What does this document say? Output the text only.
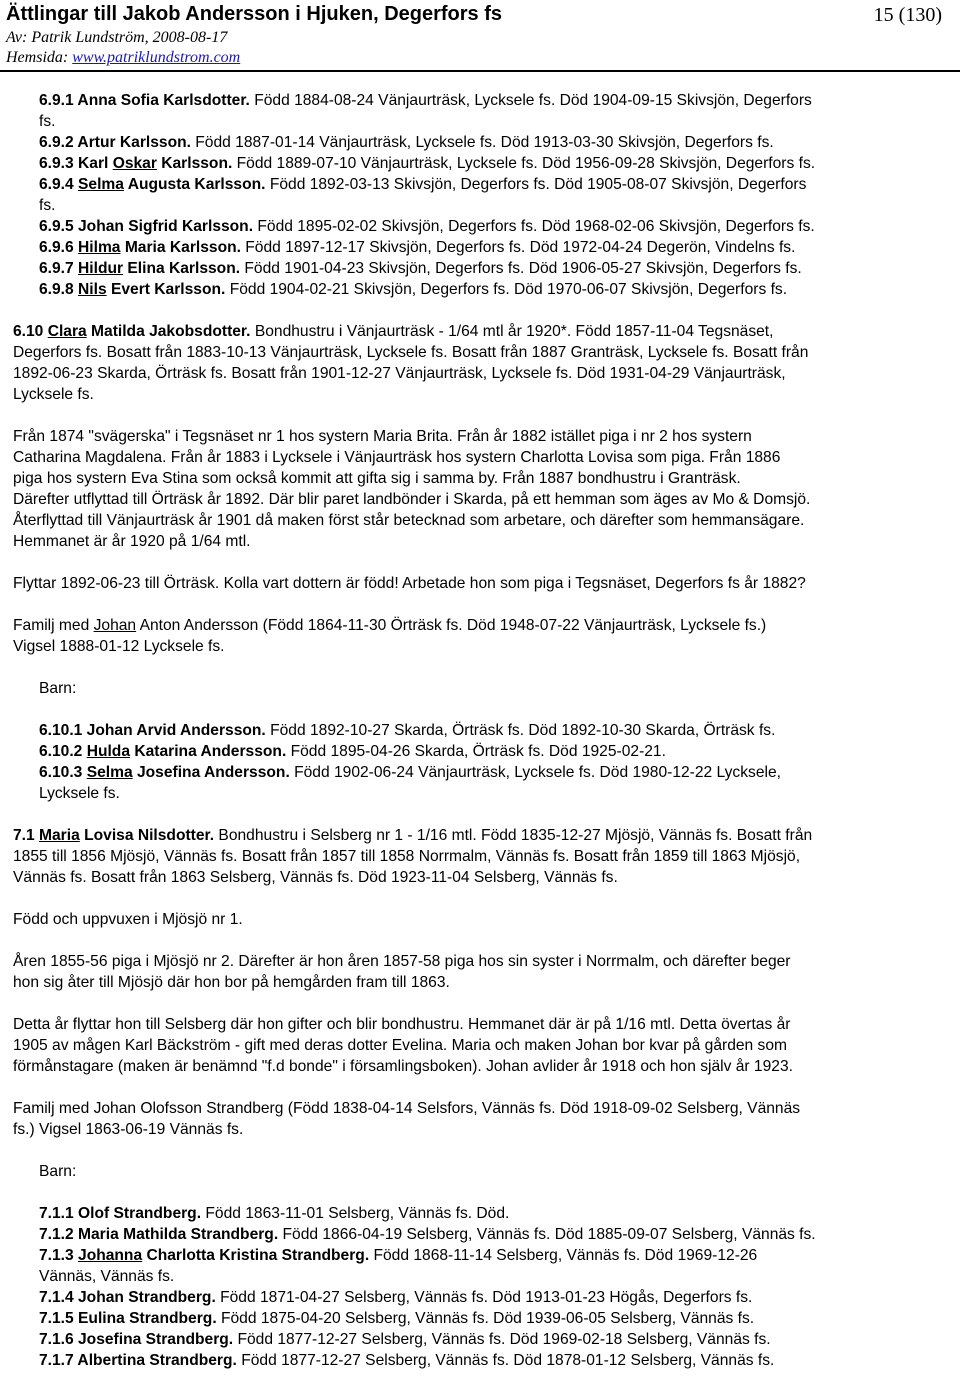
Ättlingar till Jakob Andersson i Hjuken, Degerfors fs	15 (130)
Av: Patrik Lundström, 2008-08-17
Hemsida: www.patriklundstrom.com
6.9.1 Anna Sofia Karlsdotter. Född 1884-08-24 Vänjaurträsk, Lycksele fs. Död 1904-09-15 Skivsjön, Degerfors
fs.
6.9.2 Artur Karlsson. Född 1887-01-14 Vänjaurträsk, Lycksele fs. Död 1913-03-30 Skivsjön, Degerfors fs.
6.9.3 Karl Oskar Karlsson. Född 1889-07-10 Vänjaurträsk, Lycksele fs. Död 1956-09-28 Skivsjön, Degerfors fs.
6.9.4 Selma Augusta Karlsson. Född 1892-03-13 Skivsjön, Degerfors fs. Död 1905-08-07 Skivsjön, Degerfors
fs.
6.9.5 Johan Sigfrid Karlsson. Född 1895-02-02 Skivsjön, Degerfors fs. Död 1968-02-06 Skivsjön, Degerfors fs.
6.9.6 Hilma Maria Karlsson. Född 1897-12-17 Skivsjön, Degerfors fs. Död 1972-04-24 Degerön, Vindelns fs.
6.9.7 Hildur Elina Karlsson. Född 1901-04-23 Skivsjön, Degerfors fs. Död 1906-05-27 Skivsjön, Degerfors fs.
6.9.8 Nils Evert Karlsson. Född 1904-02-21 Skivsjön, Degerfors fs. Död 1970-06-07 Skivsjön, Degerfors fs.
6.10 Clara Matilda Jakobsdotter. Bondhustru i Vänjaurträsk - 1/64 mtl år 1920*. Född 1857-11-04 Tegsnäset,
Degerfors fs. Bosatt från 1883-10-13 Vänjaurträsk, Lycksele fs. Bosatt från 1887 Granträsk, Lycksele fs. Bosatt från
1892-06-23 Skarda, Örträsk fs. Bosatt från 1901-12-27 Vänjaurträsk, Lycksele fs. Död 1931-04-29 Vänjaurträsk,
Lycksele fs.
Från 1874 "svägerska" i Tegsnäset nr 1 hos systern Maria Brita. Från år 1882 istället piga i nr 2 hos systern
Catharina Magdalena. Från år 1883 i Lycksele i Vänjaurträsk hos systern Charlotta Lovisa som piga. Från 1886
piga hos systern Eva Stina som också kommit att gifta sig i samma by. Från 1887 bondhustru i Granträsk.
Därefter utflyttad till Örträsk år 1892. Där blir paret landbönder i Skarda, på ett hemman som äges av Mo & Domsjö.
Återflyttad till Vänjaurträsk år 1901 då maken först står betecknad som arbetare, och därefter som hemmansägare.
Hemmanet är år 1920 på 1/64 mtl.
Flyttar 1892-06-23 till Örträsk. Kolla vart dottern är född! Arbetade hon som piga i Tegsnäset, Degerfors fs år 1882?
Familj med Johan Anton Andersson (Född 1864-11-30 Örträsk fs. Död 1948-07-22 Vänjaurträsk, Lycksele fs.)
Vigsel 1888-01-12 Lycksele fs.
Barn:
6.10.1 Johan Arvid Andersson. Född 1892-10-27 Skarda, Örträsk fs. Död 1892-10-30 Skarda, Örträsk fs.
6.10.2 Hulda Katarina Andersson. Född 1895-04-26 Skarda, Örträsk fs. Död 1925-02-21.
6.10.3 Selma Josefina Andersson. Född 1902-06-24 Vänjaurträsk, Lycksele fs. Död 1980-12-22 Lycksele,
Lycksele fs.
7.1 Maria Lovisa Nilsdotter. Bondhustru i Selsberg nr 1 - 1/16 mtl. Född 1835-12-27 Mjösjö, Vännäs fs. Bosatt från
1855 till 1856 Mjösjö, Vännäs fs. Bosatt från 1857 till 1858 Norrmalm, Vännäs fs. Bosatt från 1859 till 1863 Mjösjö,
Vännäs fs. Bosatt från 1863 Selsberg, Vännäs fs. Död 1923-11-04 Selsberg, Vännäs fs.
Född och uppvuxen i Mjösjö nr 1.
Åren 1855-56 piga i Mjösjö nr 2. Därefter är hon åren 1857-58 piga hos sin syster i Norrmalm, och därefter beger
hon sig åter till Mjösjö där hon bor på hemgården fram till 1863.
Detta år flyttar hon till Selsberg där hon gifter och blir bondhustru. Hemmanet där är på 1/16 mtl. Detta övertas år
1905 av mågen Karl Bäckström - gift med deras dotter Evelina. Maria och maken Johan bor kvar på gården som
förmånstagare (maken är benämnd "f.d bonde" i församlingsboken). Johan avlider år 1918 och hon själv år 1923.
Familj med Johan Olofsson Strandberg (Född 1838-04-14 Selsfors, Vännäs fs. Död 1918-09-02 Selsberg, Vännäs
fs.) Vigsel 1863-06-19 Vännäs fs.
Barn:
7.1.1 Olof Strandberg. Född 1863-11-01 Selsberg, Vännäs fs. Död.
7.1.2 Maria Mathilda Strandberg. Född 1866-04-19 Selsberg, Vännäs fs. Död 1885-09-07 Selsberg, Vännäs fs.
7.1.3 Johanna Charlotta Kristina Strandberg. Född 1868-11-14 Selsberg, Vännäs fs. Död 1969-12-26
Vännäs, Vännäs fs.
7.1.4 Johan Strandberg. Född 1871-04-27 Selsberg, Vännäs fs. Död 1913-01-23 Högås, Degerfors fs.
7.1.5 Eulina Strandberg. Född 1875-04-20 Selsberg, Vännäs fs. Död 1939-06-05 Selsberg, Vännäs fs.
7.1.6 Josefina Strandberg. Född 1877-12-27 Selsberg, Vännäs fs. Död 1969-02-18 Selsberg, Vännäs fs.
7.1.7 Albertina Strandberg. Född 1877-12-27 Selsberg, Vännäs fs. Död 1878-01-12 Selsberg, Vännäs fs.
